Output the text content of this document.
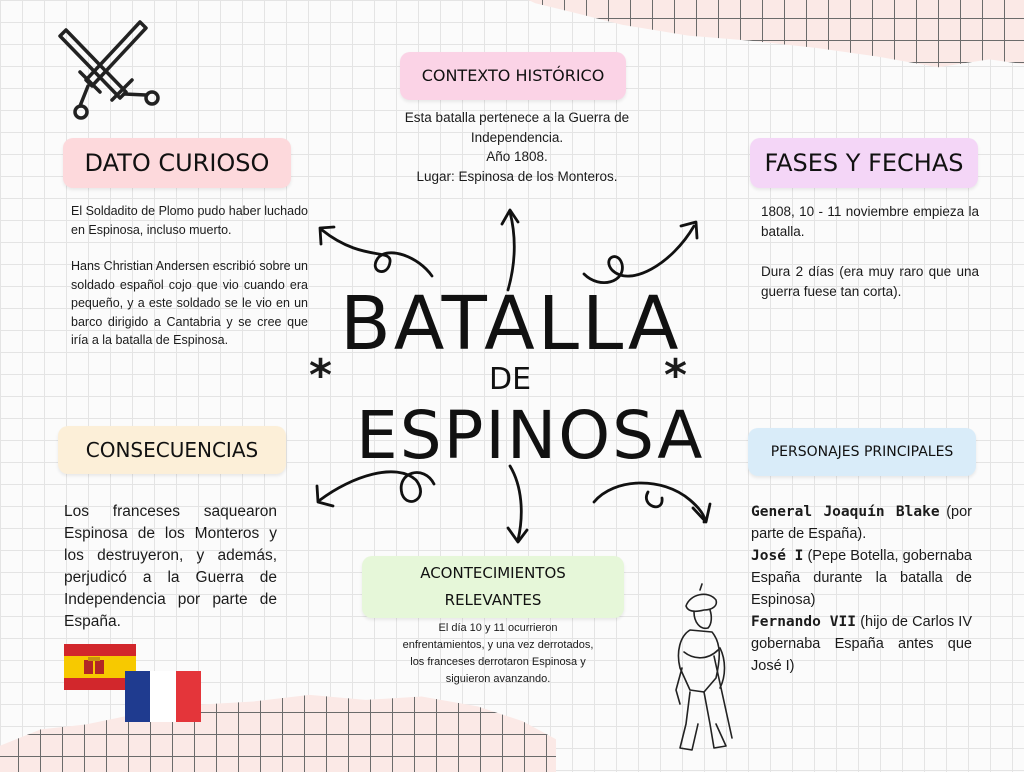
CONTEXTO HISTÓRICO
DATO CURIOSO	FASES Y FECHAS
CONSECUENCIAS	PERSONAJES PRINCIPALES
ACONTECIMIENTOS
RELEVANTES
Esta batalla pertenece a la Guerra de
Independencia.
Año 1808.
Lugar: Espinosa de los Monteros.

El Soldadito de Plomo pudo haber luchado en Espinosa, incluso muerto.

Hans Christian Andersen escribió sobre un soldado español cojo que vio cuando era pequeño, y a este soldado se le vio en un barco dirigido a Cantabria y se cree que iría a la batalla de Espinosa.

1808, 10 - 11 noviembre empieza la batalla.

Dura 2 días (era muy raro que una guerra fuese tan corta).

Los franceses saquearon Espinosa de los Monteros y los destruyeron, y además, perjudicó a la Guerra de Independencia por parte de España.

General Joaquín Blake (por parte de España).
José I (Pepe Botella, gobernaba España durante la batalla de Espinosa)
Fernando VII (hijo de Carlos IV gobernaba España antes que José I)

El día 10 y 11 ocurrieron enfrentamientos, y una vez derrotados, los franceses derrotaron Espinosa y siguieron avanzando.

BATALLA
DE
ESPINOSA
*	*
